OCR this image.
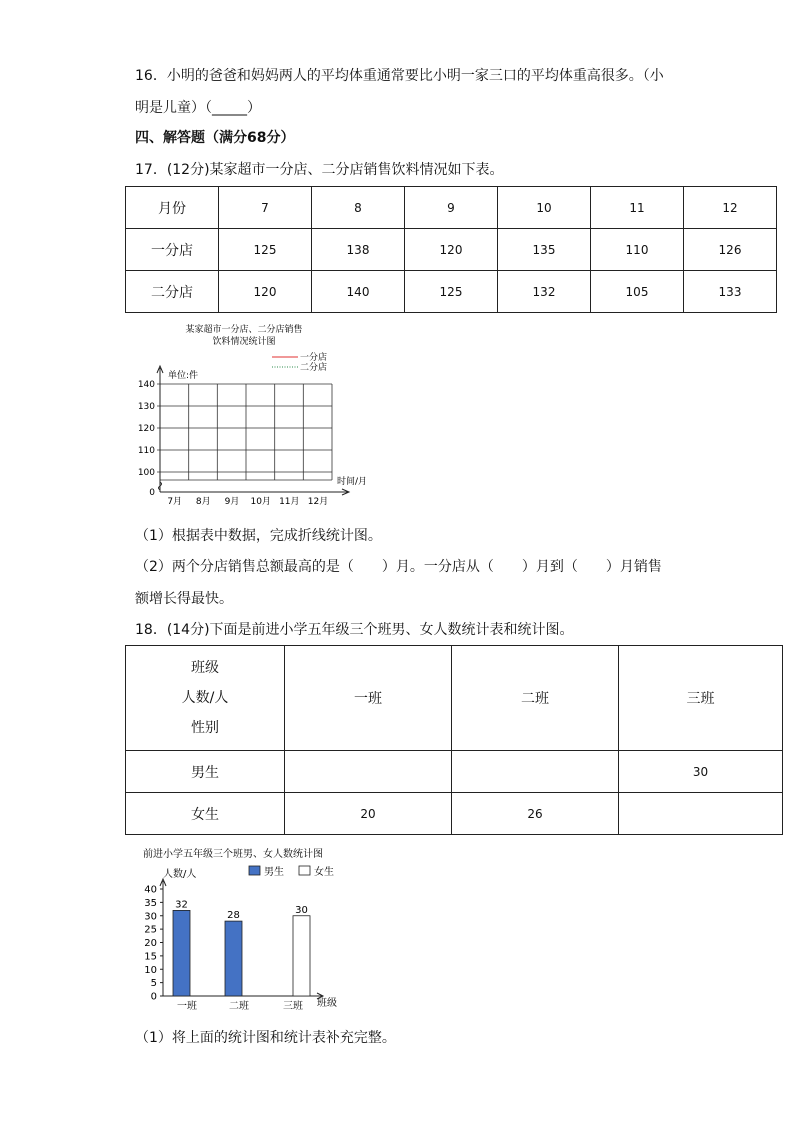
16．小明的爸爸和妈妈两人的平均体重通常要比小明一家三口的平均体重高很多。（小
明是儿童）（_____）
四、解答题（满分68分）
17．(12分)某家超市一分店、二分店销售饮料情况如下表。
月份	7	8	9	10	11	12
一分店	125	138	120	135	110	126
二分店	120	140	125	132	105	133
某家超市一分店、二分店销售
饮料情况统计图
一分店
二分店
单位:件
时间/月
140
130
120
110
100
0
7月 8月 9月 10月 11月 12月
（1）根据表中数据，完成折线统计图。
（2）两个分店销售总额最高的是（　　）月。一分店从（　　）月到（　　）月销售
额增长得最快。
18．(14分)下面是前进小学五年级三个班男、女人数统计表和统计图。
班级
人数/人
性别	一班	二班	三班
男生			30
女生	20	26	
前进小学五年级三个班男、女人数统计图
人数/人	男生	女生
班级
0
5
10
15
20
25
30
35
40
32
一班
28
二班
30
三班
（1）将上面的统计图和统计表补充完整。
